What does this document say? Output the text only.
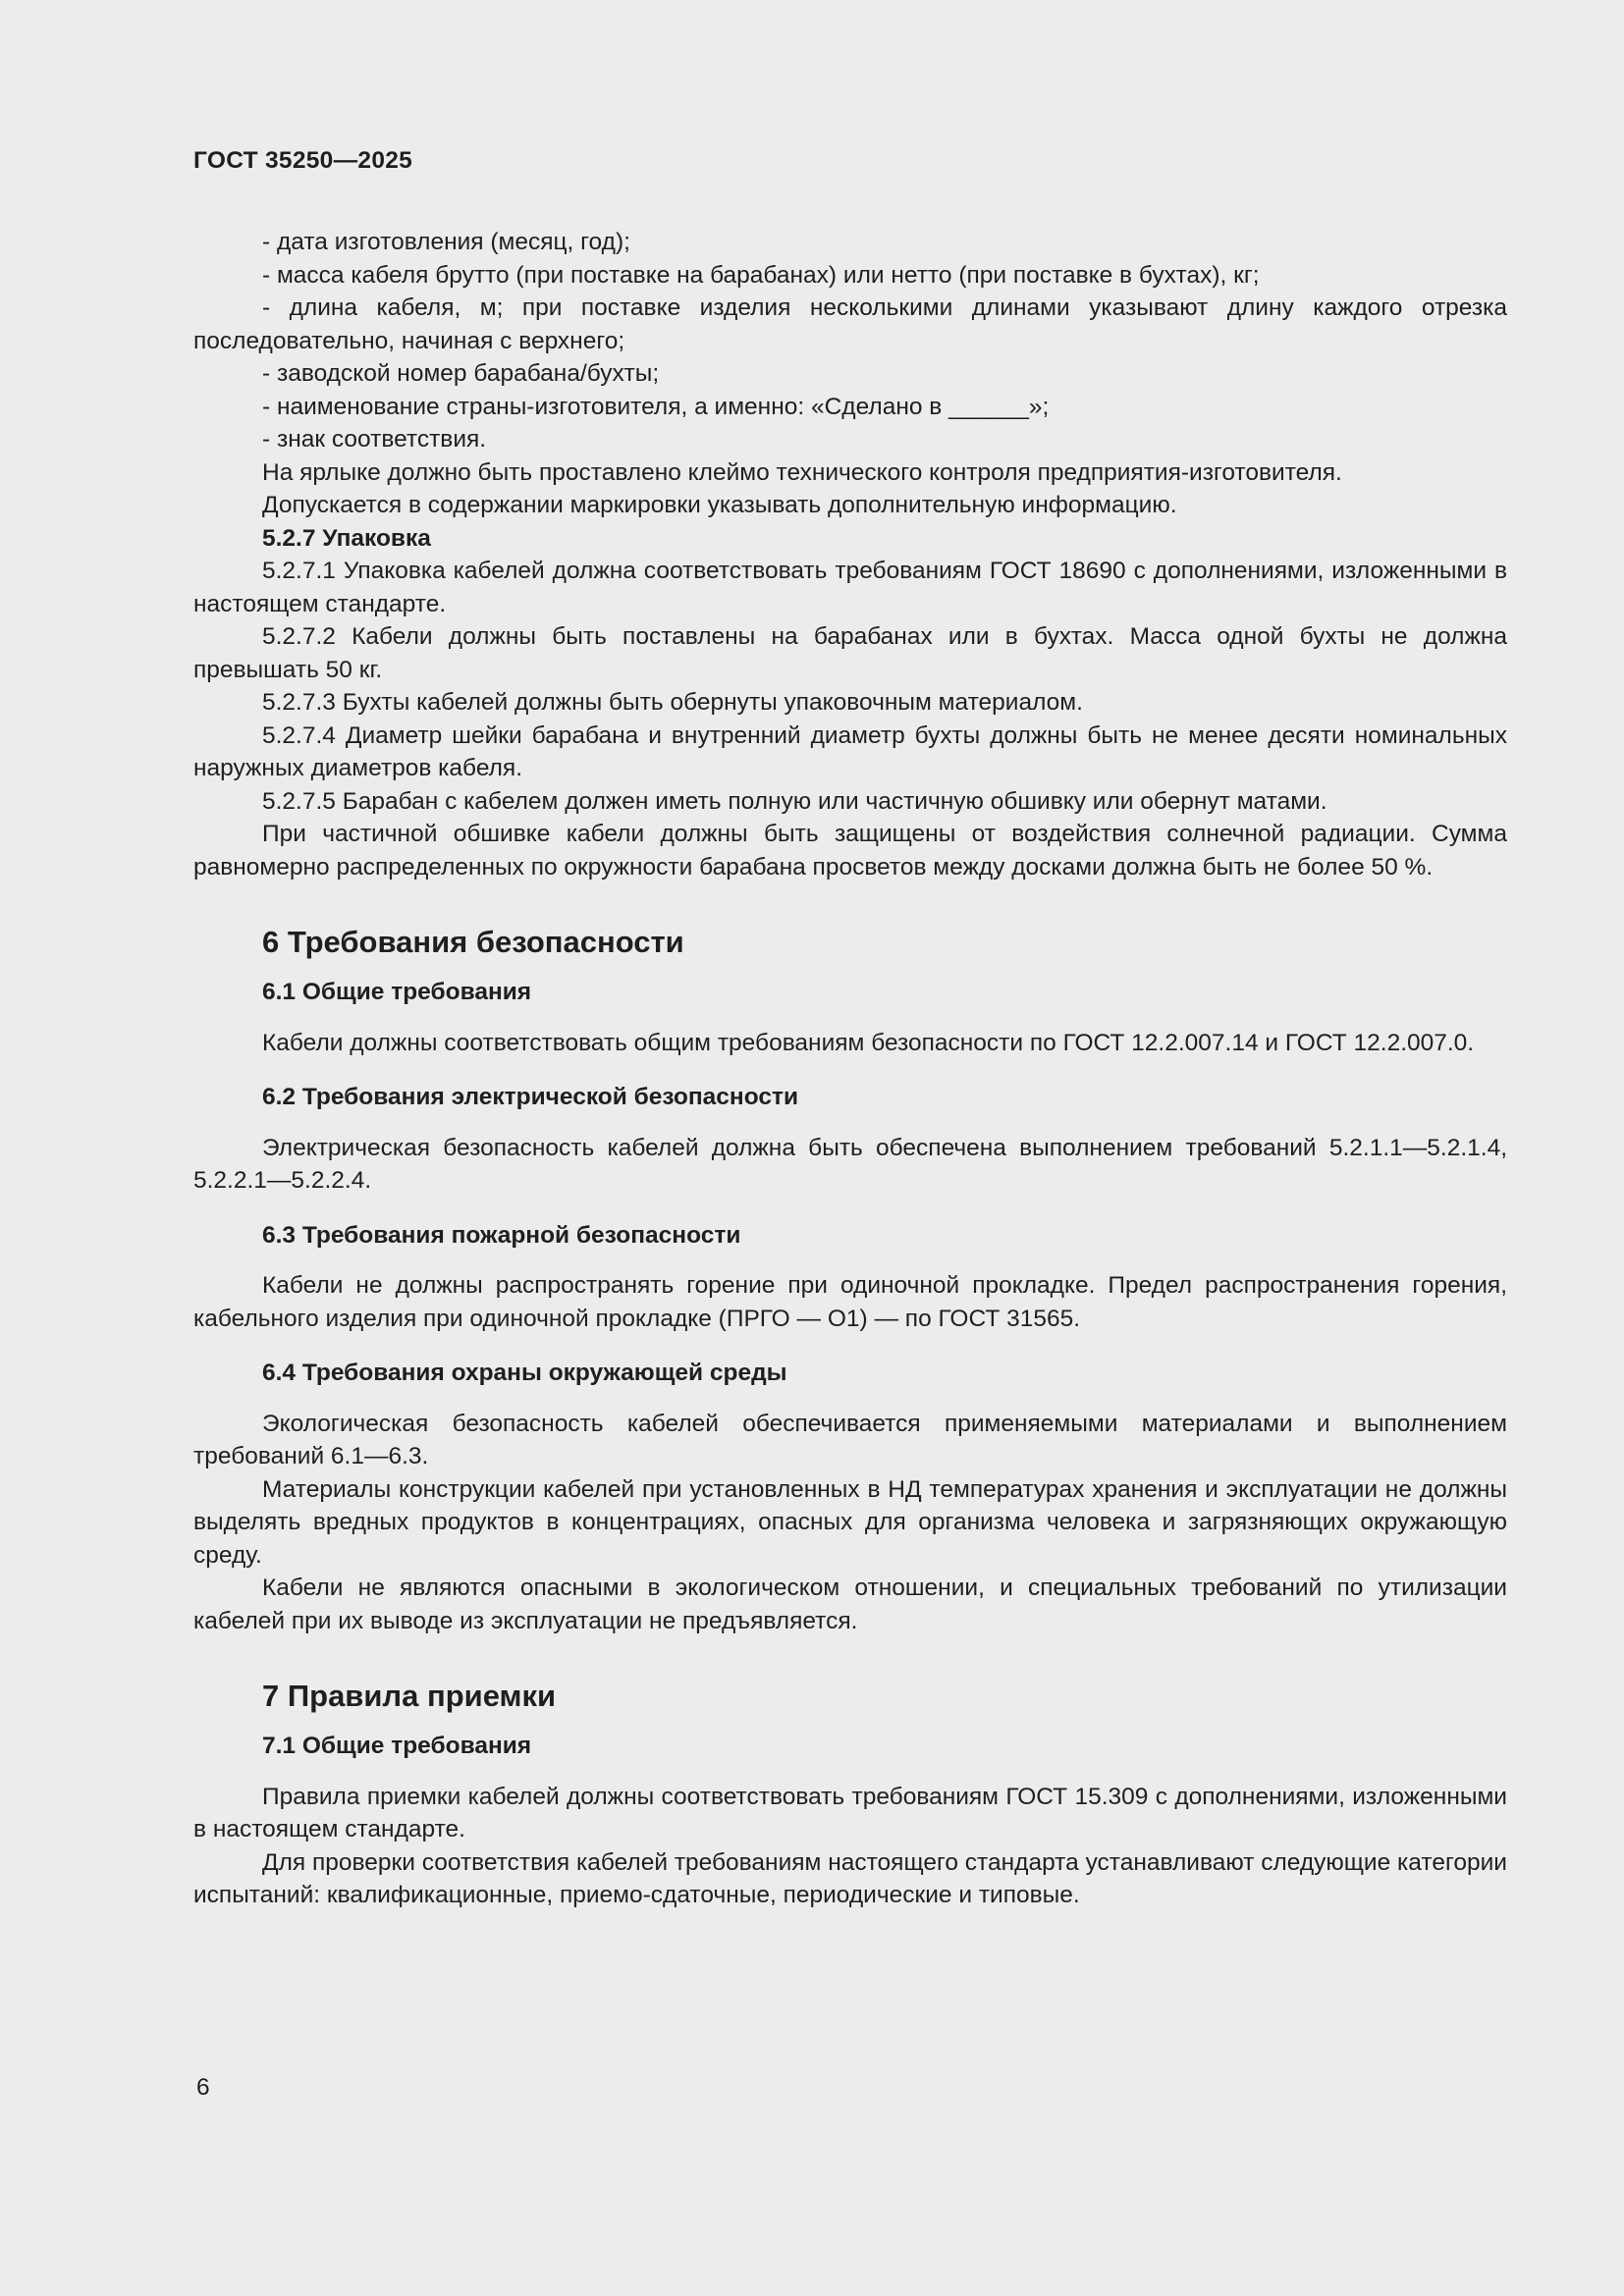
ГОСТ 35250—2025

- дата изготовления (месяц, год);

- масса кабеля брутто (при поставке на барабанах) или нетто (при поставке в бухтах), кг;

- длина кабеля, м; при поставке изделия несколькими длинами указывают длину каждого отрезка последовательно, начиная с верхнего;

- заводской номер барабана/бухты;

- наименование страны-изготовителя, а именно: «Сделано в ______»;

- знак соответствия.

На ярлыке должно быть проставлено клеймо технического контроля предприятия-изготовителя.

Допускается в содержании маркировки указывать дополнительную информацию.

5.2.7 Упаковка

5.2.7.1 Упаковка кабелей должна соответствовать требованиям ГОСТ 18690 с дополнениями, изложенными в настоящем стандарте.

5.2.7.2 Кабели должны быть поставлены на барабанах или в бухтах. Масса одной бухты не должна превышать 50 кг.

5.2.7.3 Бухты кабелей должны быть обернуты упаковочным материалом.

5.2.7.4 Диаметр шейки барабана и внутренний диаметр бухты должны быть не менее десяти номинальных наружных диаметров кабеля.

5.2.7.5 Барабан с кабелем должен иметь полную или частичную обшивку или обернут матами.

При частичной обшивке кабели должны быть защищены от воздействия солнечной радиации. Сумма равномерно распределенных по окружности барабана просветов между досками должна быть не более 50 %.

6 Требования безопасности
6.1 Общие требования

Кабели должны соответствовать общим требованиям безопасности по ГОСТ 12.2.007.14 и ГОСТ 12.2.007.0.

6.2 Требования электрической безопасности

Электрическая безопасность кабелей должна быть обеспечена выполнением требований 5.2.1.1—5.2.1.4, 5.2.2.1—5.2.2.4.

6.3 Требования пожарной безопасности

Кабели не должны распространять горение при одиночной прокладке. Предел распространения горения, кабельного изделия при одиночной прокладке (ПРГО — О1) — по ГОСТ 31565.

6.4 Требования охраны окружающей среды

Экологическая безопасность кабелей обеспечивается применяемыми материалами и выполнением требований 6.1—6.3.

Материалы конструкции кабелей при установленных в НД температурах хранения и эксплуатации не должны выделять вредных продуктов в концентрациях, опасных для организма человека и загрязняющих окружающую среду.

Кабели не являются опасными в экологическом отношении, и специальных требований по утилизации кабелей при их выводе из эксплуатации не предъявляется.

7 Правила приемки
7.1 Общие требования

Правила приемки кабелей должны соответствовать требованиям ГОСТ 15.309 с дополнениями, изложенными в настоящем стандарте.

Для проверки соответствия кабелей требованиям настоящего стандарта устанавливают следующие категории испытаний: квалификационные, приемо-сдаточные, периодические и типовые.

6
